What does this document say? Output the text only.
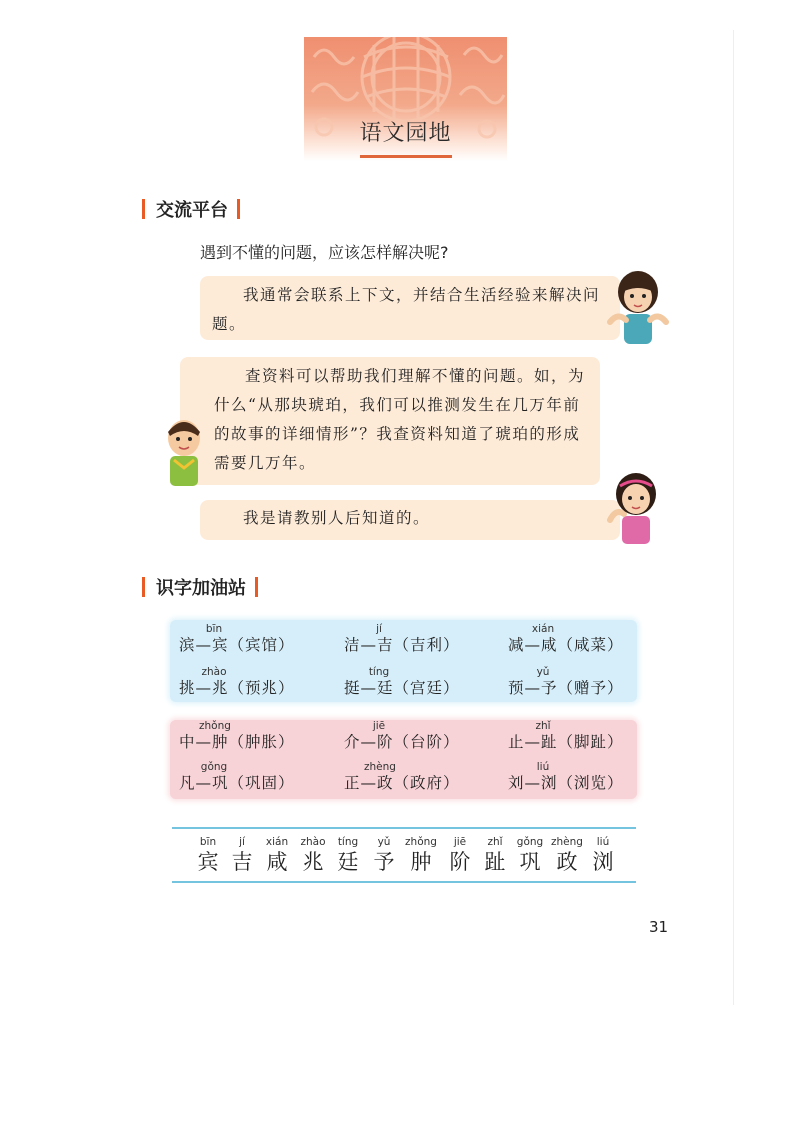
语文园地
交流平台
遇到不懂的问题，应该怎样解决呢?

我通常会联系上下文，并结合生活经验来解决问题。

查资料可以帮助我们理解不懂的问题。如，为什么“从那块琥珀，我们可以推测发生在几万年前的故事的详细情形”？我查资料知道了琥珀的形成需要几万年。

我是请教别人后知道的。

识字加油站
bīn
滨—宾（宾馆）
jí
洁—吉（吉利）
xián
减—咸（咸菜）
zhào
挑—兆（预兆）
tíng
挺—廷（宫廷）
yǔ
预—予（赠予）
zhǒng
中—肿（肿胀）
jiē
介—阶（台阶）
zhǐ
止—趾（脚趾）
gǒng
凡—巩（巩固）
zhèng
正—政（政府）
liú
刘—浏（浏览）
bīn
宾
jí
吉
xián
咸
zhào
兆
tíng
廷
yǔ
予
zhǒng
肿
jiē
阶
zhǐ
趾
gǒng
巩
zhèng
政
liú
浏
31
